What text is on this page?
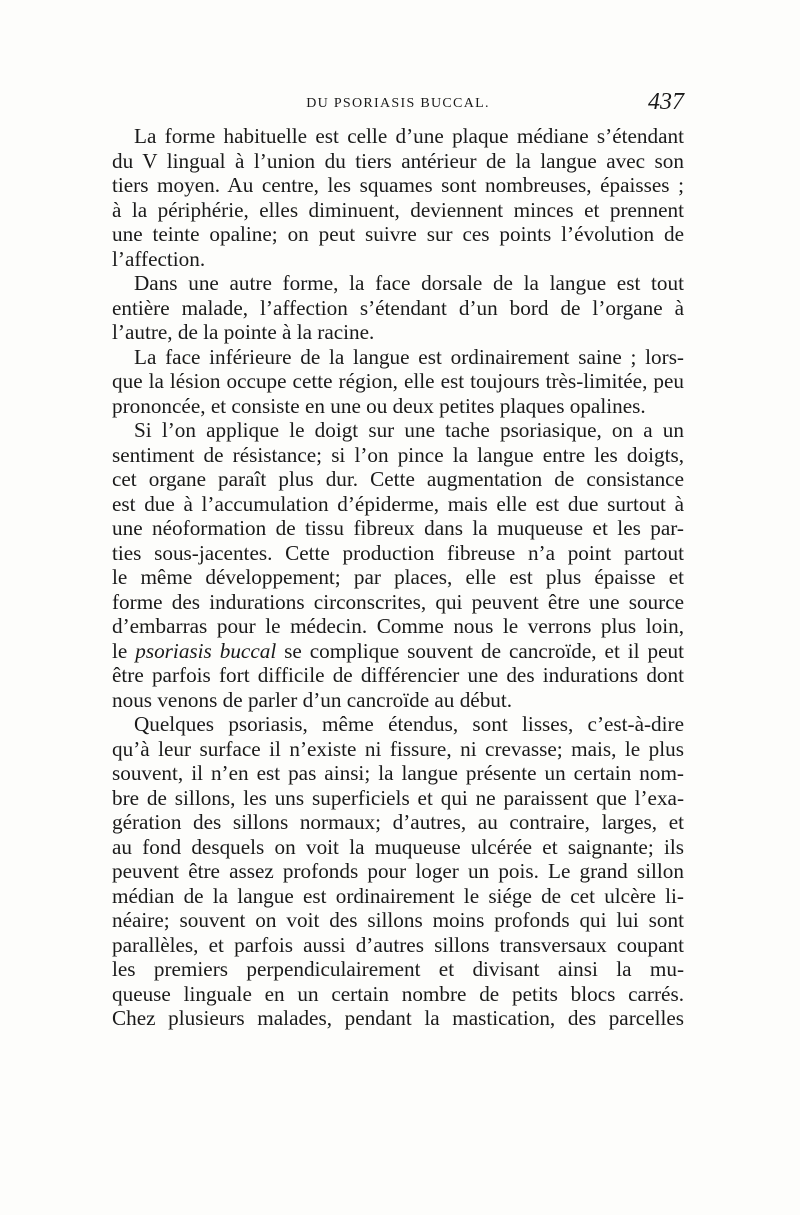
DU PSORIASIS BUCCAL.	437
La forme habituelle est celle d’une plaque médiane s’étendant
du V lingual à l’union du tiers antérieur de la langue avec son
tiers moyen. Au centre, les squames sont nombreuses, épaisses ;
à la périphérie, elles diminuent, deviennent minces et prennent
une teinte opaline; on peut suivre sur ces points l’évolution de
l’affection.
Dans une autre forme, la face dorsale de la langue est tout
entière malade, l’affection s’étendant d’un bord de l’organe à
l’autre, de la pointe à la racine.
La face inférieure de la langue est ordinairement saine ; lors-
que la lésion occupe cette région, elle est toujours très-limitée, peu
prononcée, et consiste en une ou deux petites plaques opalines.
Si l’on applique le doigt sur une tache psoriasique, on a un
sentiment de résistance; si l’on pince la langue entre les doigts,
cet organe paraît plus dur. Cette augmentation de consistance
est due à l’accumulation d’épiderme, mais elle est due surtout à
une néoformation de tissu fibreux dans la muqueuse et les par-
ties sous-jacentes. Cette production fibreuse n’a point partout
le même développement; par places, elle est plus épaisse et
forme des indurations circonscrites, qui peuvent être une source
d’embarras pour le médecin. Comme nous le verrons plus loin,
le psoriasis buccal se complique souvent de cancroïde, et il peut
être parfois fort difficile de différencier une des indurations dont
nous venons de parler d’un cancroïde au début.
Quelques psoriasis, même étendus, sont lisses, c’est-à-dire
qu’à leur surface il n’existe ni fissure, ni crevasse; mais, le plus
souvent, il n’en est pas ainsi; la langue présente un certain nom-
bre de sillons, les uns superficiels et qui ne paraissent que l’exa-
gération des sillons normaux; d’autres, au contraire, larges, et
au fond desquels on voit la muqueuse ulcérée et saignante; ils
peuvent être assez profonds pour loger un pois. Le grand sillon
médian de la langue est ordinairement le siége de cet ulcère li-
néaire; souvent on voit des sillons moins profonds qui lui sont
parallèles, et parfois aussi d’autres sillons transversaux coupant
les premiers perpendiculairement et divisant ainsi la mu-
queuse linguale en un certain nombre de petits blocs carrés.
Chez plusieurs malades, pendant la mastication, des parcelles
